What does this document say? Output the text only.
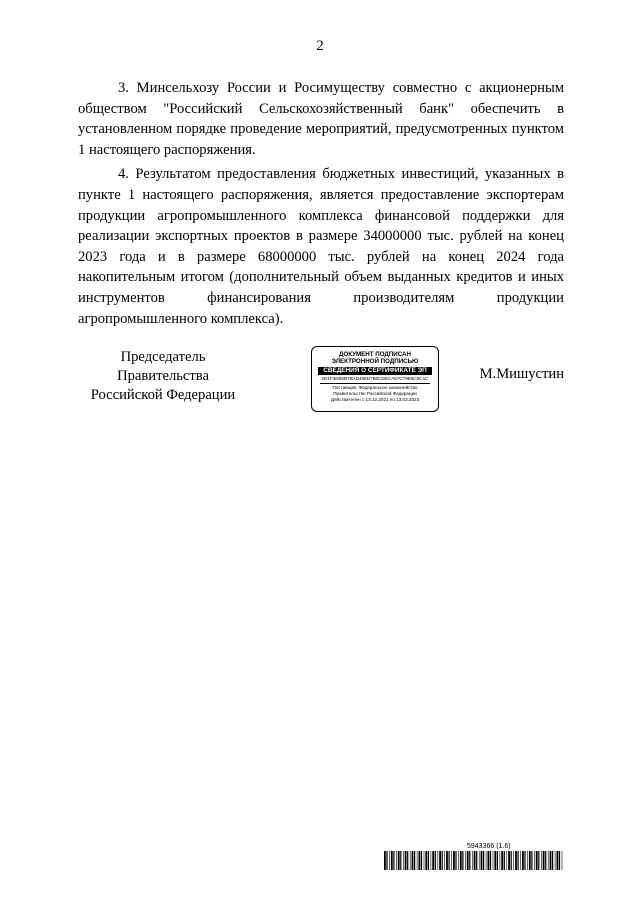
2

3. Минсельхозу России и Росимуществу совместно с акционерным обществом "Российский Сельскохозяйственный банк" обеспечить в установленном порядке проведение мероприятий, предусмотренных пунктом 1 настоящего распоряжения.

4. Результатом предоставления бюджетных инвестиций, указанных в пункте 1 настоящего распоряжения, является предоставление экспортерам продукции агропромышленного комплекса финансовой поддержки для реализации экспортных проектов в размере 34000000 тыс. рублей на конец 2023 года и в размере 68000000 тыс. рублей на конец 2024 года накопительным итогом (дополнительный объем выданных кредитов и иных инструментов финансирования производителям продукции агропромышленного комплекса).

Председатель Правительства
Российской Федерации
ДОКУМЕНТ ПОДПИСАН
ЭЛЕКТРОННОЙ ПОДПИСЬЮ
СВЕДЕНИЯ О СЕРТИФИКАТЕ ЭП
2D1F3EB6B7BAD468D7B0CDECA57C79E8C5C1C
Поставщик: Федеральное казначейство
Правительство Российской Федерации
Действителен с 13.12.2021 по 13.03.2023
М.Мишустин
5943366 (1.6)
